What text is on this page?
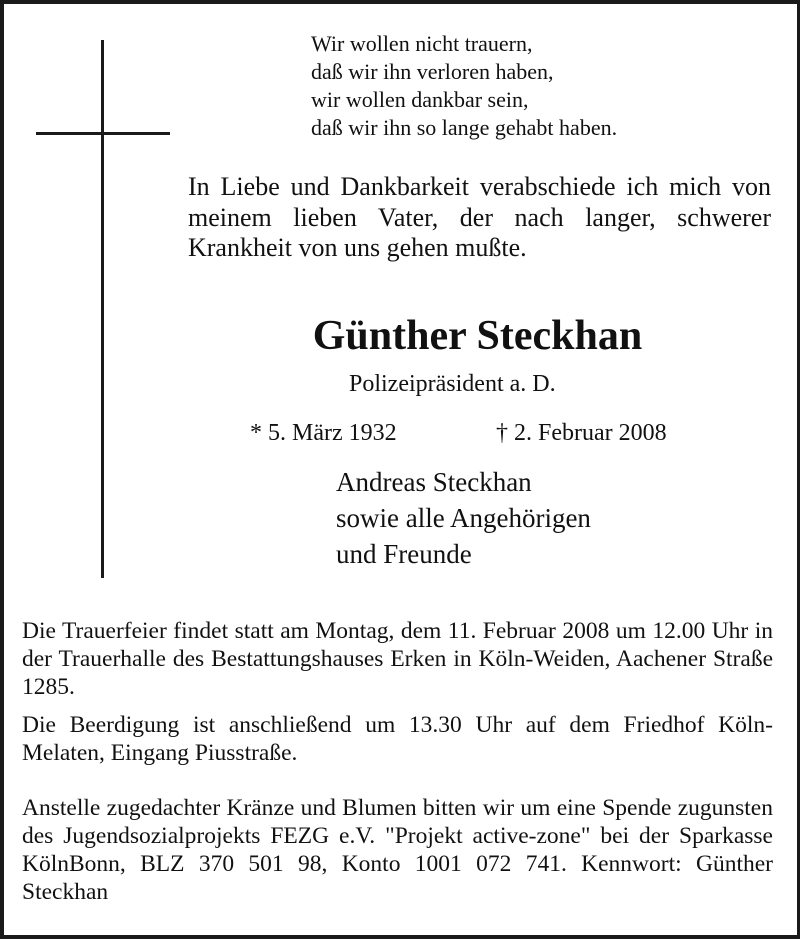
Wir wollen nicht trauern,
daß wir ihn verloren haben,
wir wollen dankbar sein,
daß wir ihn so lange gehabt haben.
In Liebe und Dankbarkeit verabschiede ich mich von meinem lieben Vater, der nach langer, schwerer Krankheit von uns gehen mußte.
Günther Steckhan
Polizeipräsident a. D.
* 5. März 1932	† 2. Februar 2008
Andreas Steckhan
sowie alle Angehörigen
und Freunde
Die Trauerfeier findet statt am Montag, dem 11. Februar 2008 um 12.00 Uhr in der Trauerhalle des Bestattungshauses Erken in Köln-Weiden, Aachener Straße 1285.
Die Beerdigung ist anschließend um 13.30 Uhr auf dem Friedhof Köln-Melaten, Eingang Piusstraße.
Anstelle zugedachter Kränze und Blumen bitten wir um eine Spende zugunsten des Jugendsozialprojekts FEZG e.V. "Projekt active-zone" bei der Sparkasse KölnBonn, BLZ 370 501 98, Konto 1001 072 741. Kennwort: Günther Steckhan
